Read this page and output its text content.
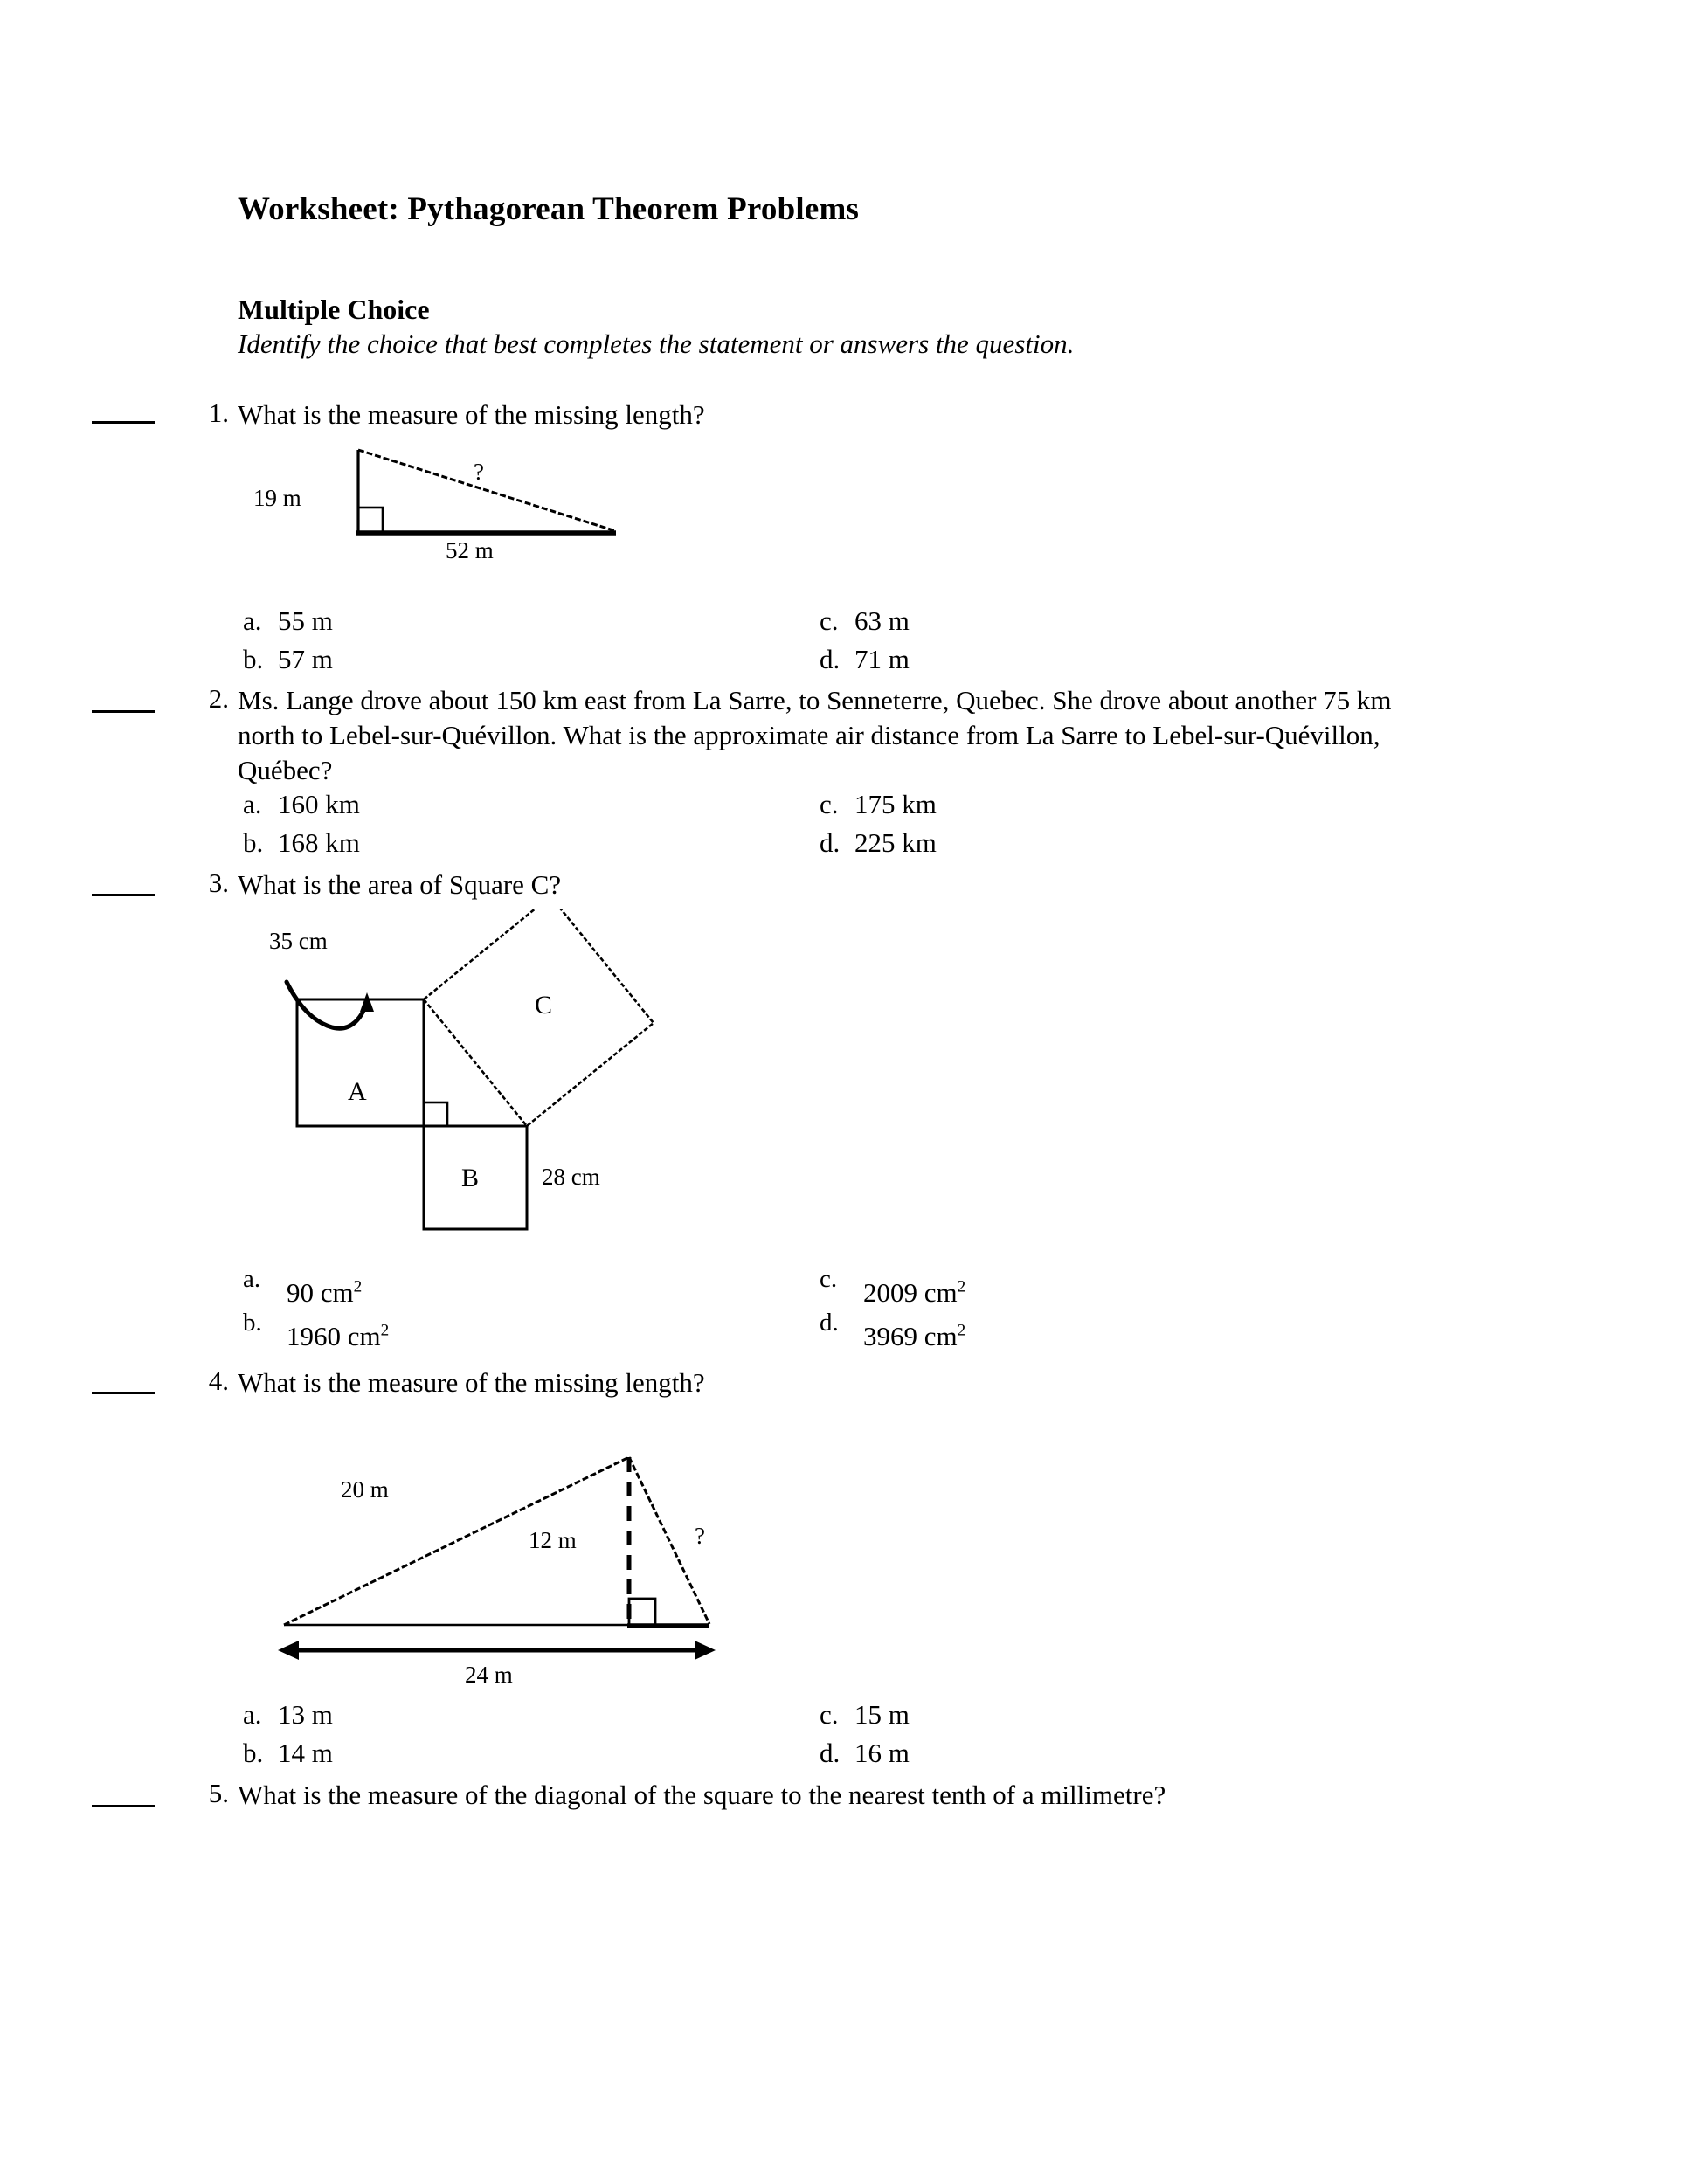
Worksheet: Pythagorean Theorem Problems
Multiple Choice
Identify the choice that best completes the statement or answers the question.
1. What is the measure of the missing length?
19 m
52 m
?
a. 55 m
b. 57 m
c. 63 m
d. 71 m
2. Ms. Lange drove about 150 km east from La Sarre, to Senneterre, Quebec. She drove about another 75 km
north to Lebel-sur-Quévillon. What is the approximate air distance from La Sarre to Lebel-sur-Quévillon,
Québec?
a. 160 km
b. 168 km
c. 175 km
d. 225 km
3. What is the area of Square C?
35 cm
A
B
C
28 cm
a. 90 $cm^2$
b. 1960 $cm^2$
c. 2009 $cm^2$
d. 3969 $cm^2$
4. What is the measure of the missing length?
20 m
12 m	?
24 m
a. 13 m
b. 14 m
c. 15 m
d. 16 m
5. What is the measure of the diagonal of the square to the nearest tenth of a millimetre?
